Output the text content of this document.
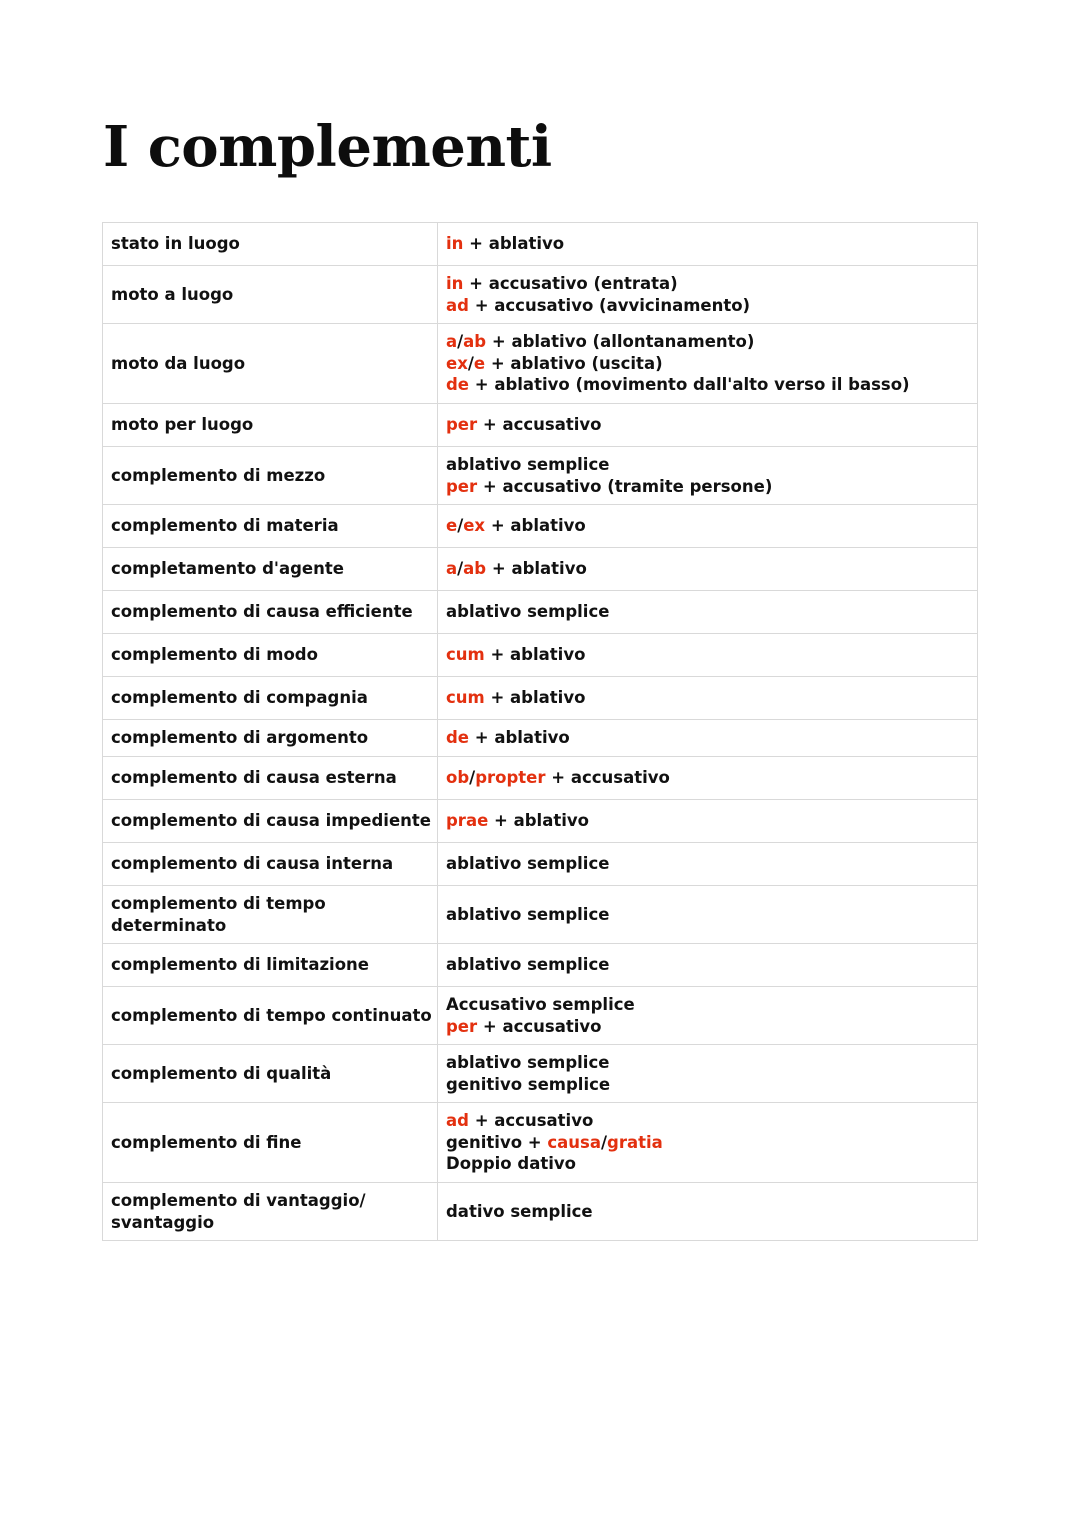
I complementi
stato in luogo	in + ablativo

moto a luogo	in + accusativo (entrata)
ad + accusativo (avvicinamento)

moto da luogo	a/ab + ablativo (allontanamento)
ex/e + ablativo (uscita)
de + ablativo (movimento dall'alto verso il basso)

moto per luogo	per + accusativo

complemento di mezzo	ablativo semplice
per + accusativo (tramite persone)

complemento di materia	e/ex + ablativo

completamento d'agente	a/ab + ablativo

complemento di causa efficiente	ablativo semplice

complemento di modo	cum + ablativo

complemento di compagnia	cum + ablativo

complemento di argomento	de + ablativo

complemento di causa esterna	ob/propter + accusativo

complemento di causa impediente	prae + ablativo

complemento di causa interna	ablativo semplice

complemento di tempo
determinato	ablativo semplice

complemento di limitazione	ablativo semplice

complemento di tempo continuato	Accusativo semplice
per + accusativo

complemento di qualità	ablativo semplice
genitivo semplice

complemento di fine	ad + accusativo
genitivo + causa/gratia
Doppio dativo

complemento di vantaggio/
svantaggio	dativo semplice
